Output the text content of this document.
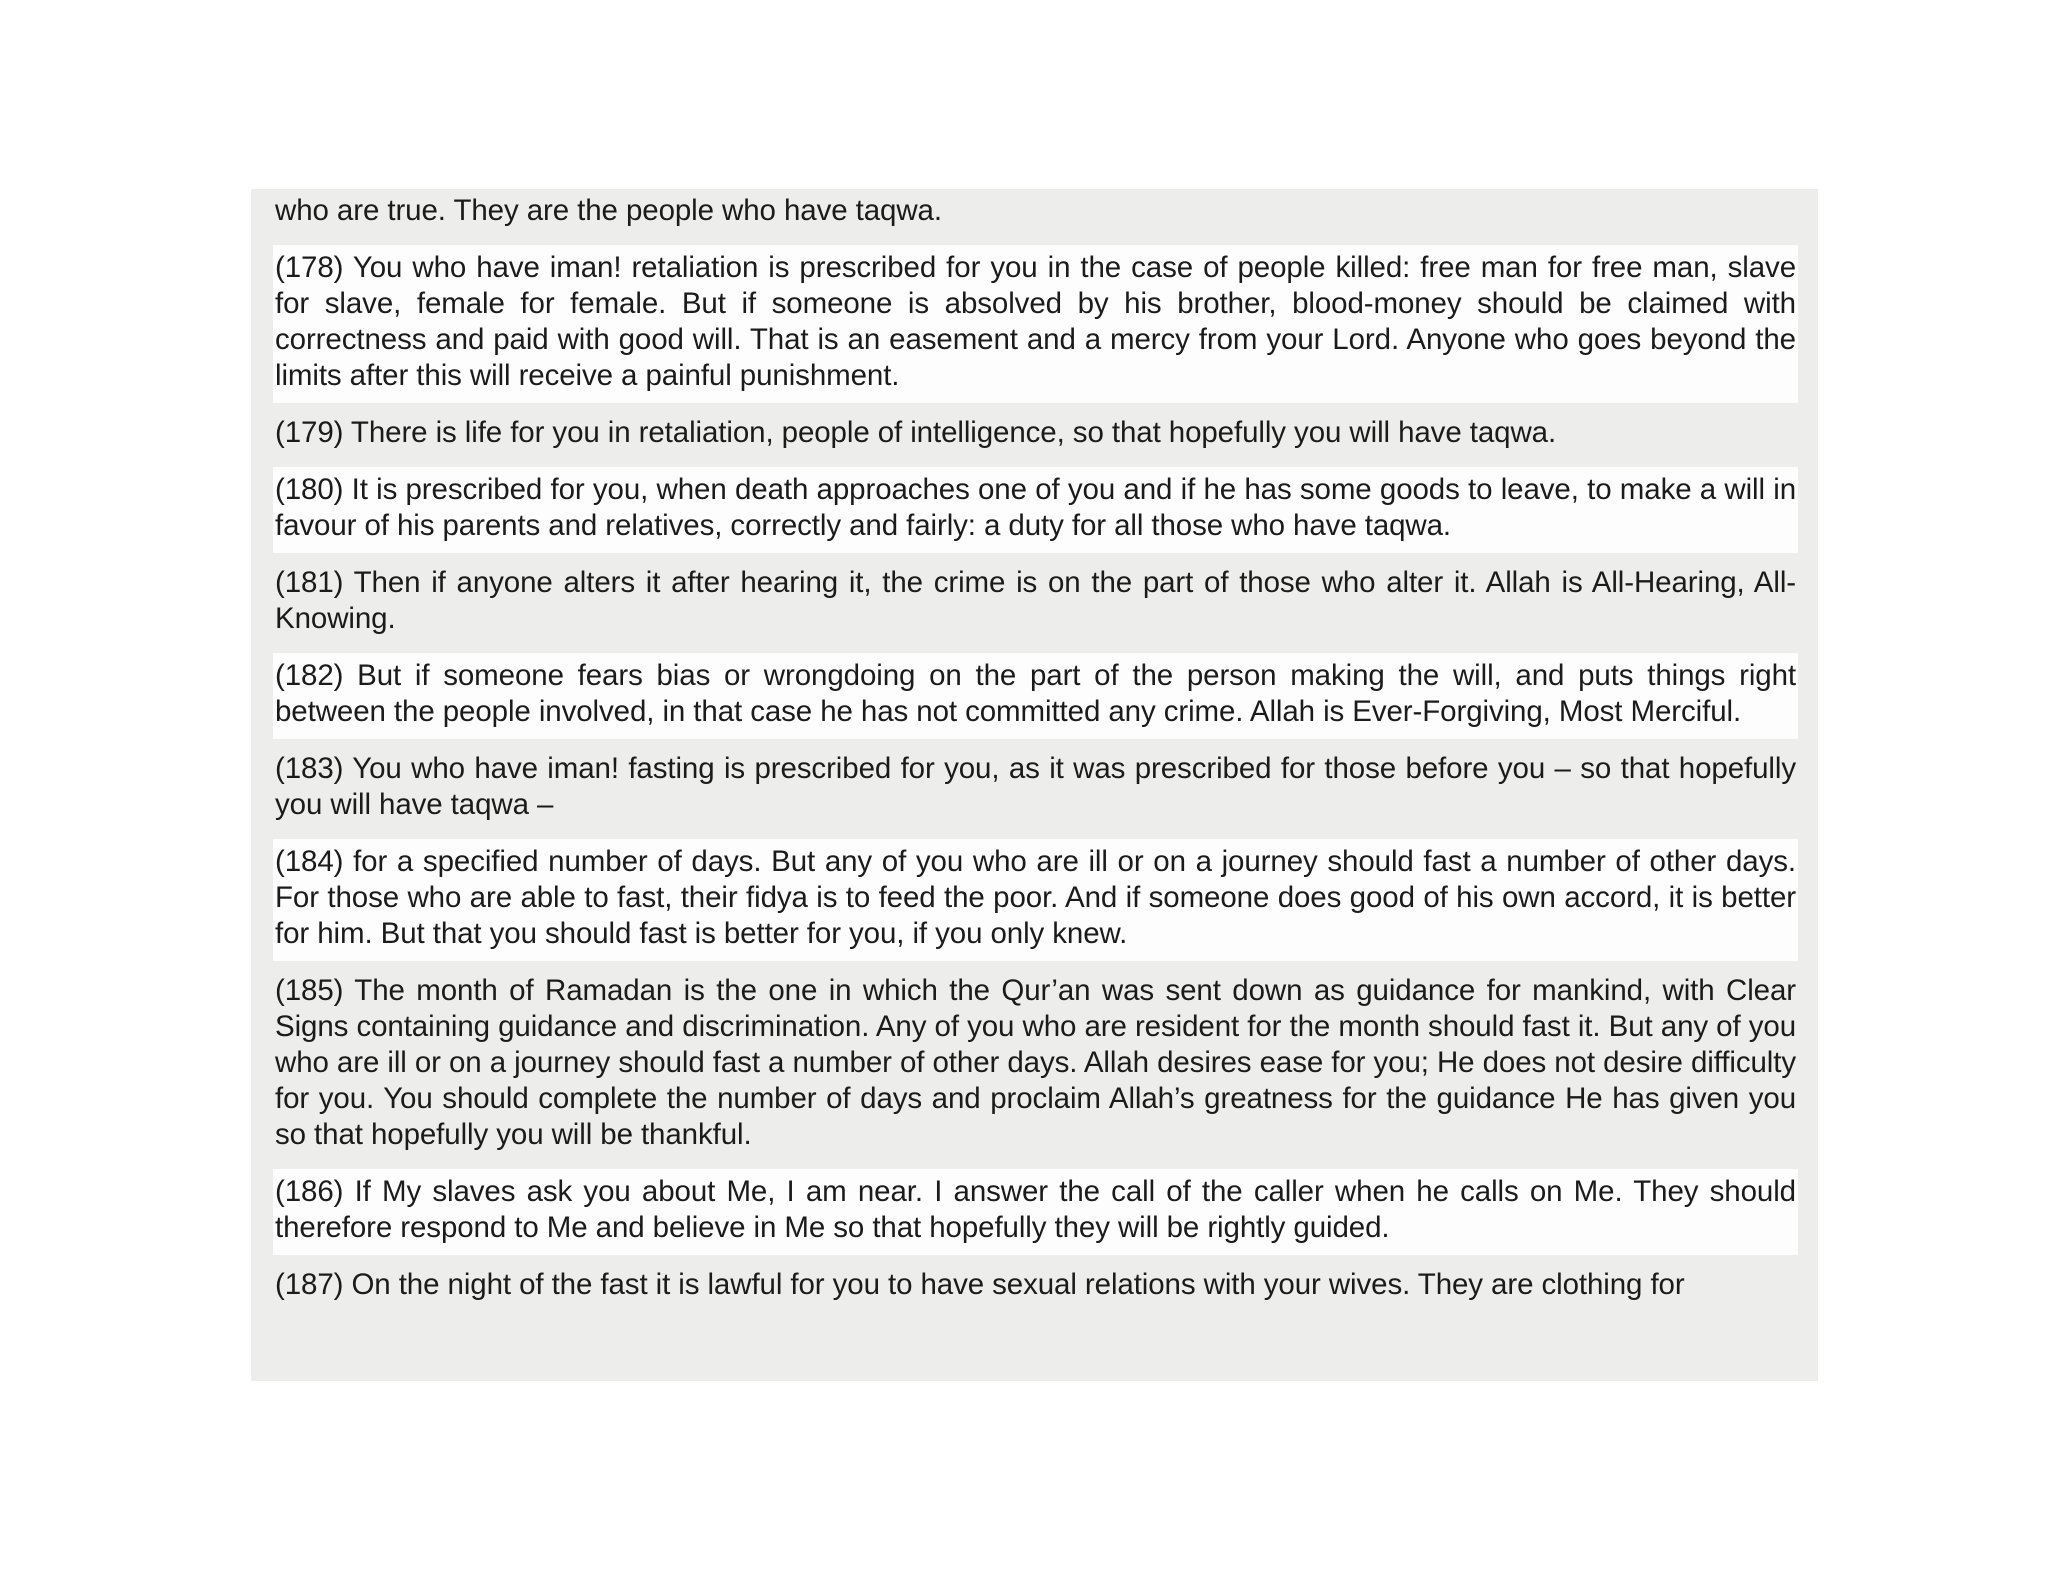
who are true. They are the people who have taqwa.
(178) You who have iman! retaliation is prescribed for you in the case of people killed: free man for free man, slave for slave, female for female. But if someone is absolved by his brother, blood-money should be claimed with correctness and paid with good will. That is an easement and a mercy from your Lord. Anyone who goes beyond the limits after this will receive a painful punishment.
(179) There is life for you in retaliation, people of intelligence, so that hopefully you will have taqwa.
(180) It is prescribed for you, when death approaches one of you and if he has some goods to leave, to make a will in favour of his parents and relatives, correctly and fairly: a duty for all those who have taqwa.
(181) Then if anyone alters it after hearing it, the crime is on the part of those who alter it. Allah is All-Hearing, All-Knowing.
(182) But if someone fears bias or wrongdoing on the part of the person making the will, and puts things right between the people involved, in that case he has not committed any crime. Allah is Ever-Forgiving, Most Merciful.
(183) You who have iman! fasting is prescribed for you, as it was prescribed for those before you – so that hopefully you will have taqwa –
(184) for a specified number of days. But any of you who are ill or on a journey should fast a number of other days. For those who are able to fast, their fidya is to feed the poor. And if someone does good of his own accord, it is better for him. But that you should fast is better for you, if you only knew.
(185) The month of Ramadan is the one in which the Qur’an was sent down as guidance for mankind, with Clear Signs containing guidance and discrimination. Any of you who are resident for the month should fast it. But any of you who are ill or on a journey should fast a number of other days. Allah desires ease for you; He does not desire difficulty for you. You should complete the number of days and proclaim Allah’s greatness for the guidance He has given you so that hopefully you will be thankful.
(186) If My slaves ask you about Me, I am near. I answer the call of the caller when he calls on Me. They should therefore respond to Me and believe in Me so that hopefully they will be rightly guided.
(187) On the night of the fast it is lawful for you to have sexual relations with your wives. They are clothing for
